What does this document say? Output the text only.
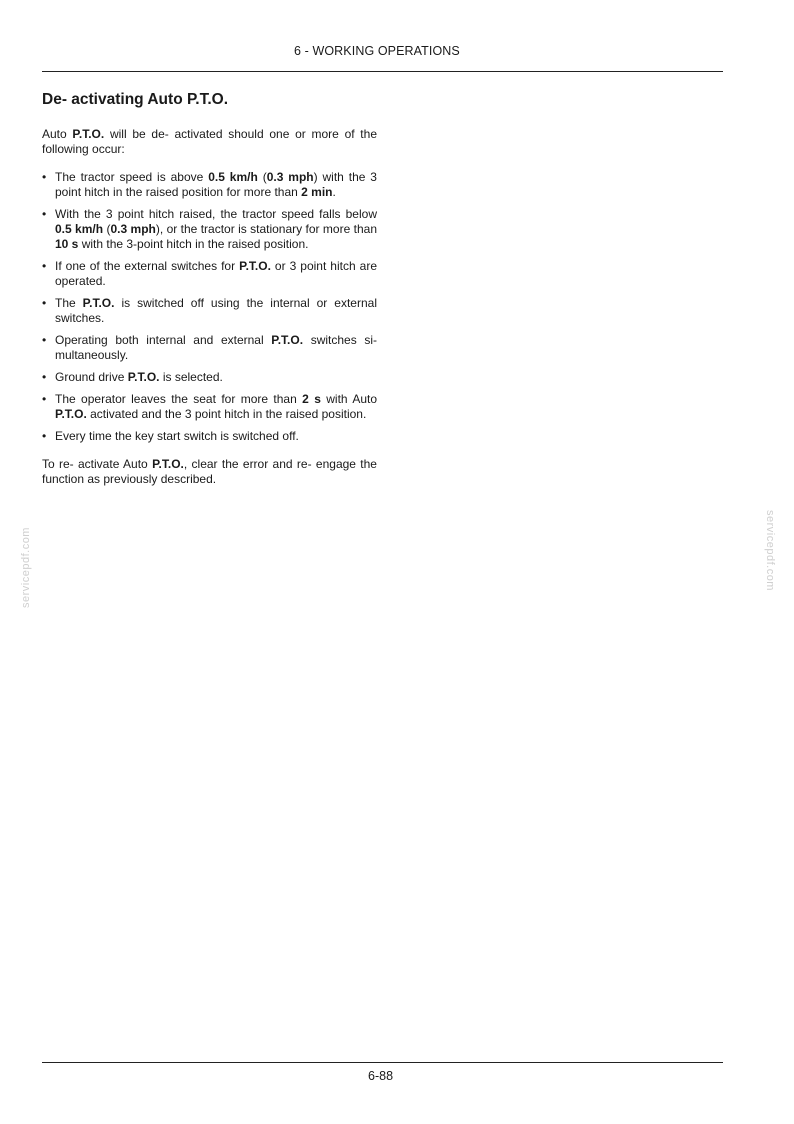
6 - WORKING OPERATIONS
De- activating Auto P.T.O.

Auto P.T.O. will be de- activated should one or more of the following occur:

• The tractor speed is above 0.5 km/h (0.3 mph) with the 3 point hitch in the raised position for more than 2 min.
• With the 3 point hitch raised, the tractor speed falls below 0.5 km/h (0.3 mph), or the tractor is stationary for more than 10 s with the 3-point hitch in the raised position.
• If one of the external switches for P.T.O. or 3 point hitch are operated.
• The P.T.O. is switched off using the internal or external switches.
• Operating both internal and external P.T.O. switches simultaneously.
• Ground drive P.T.O. is selected.
• The operator leaves the seat for more than 2 s with Auto P.T.O. activated and the 3 point hitch in the raised position.
• Every time the key start switch is switched off.

To re- activate Auto P.T.O., clear the error and re- engage the function as previously described.

servicepdf.com	servicepdf.com
6-88
